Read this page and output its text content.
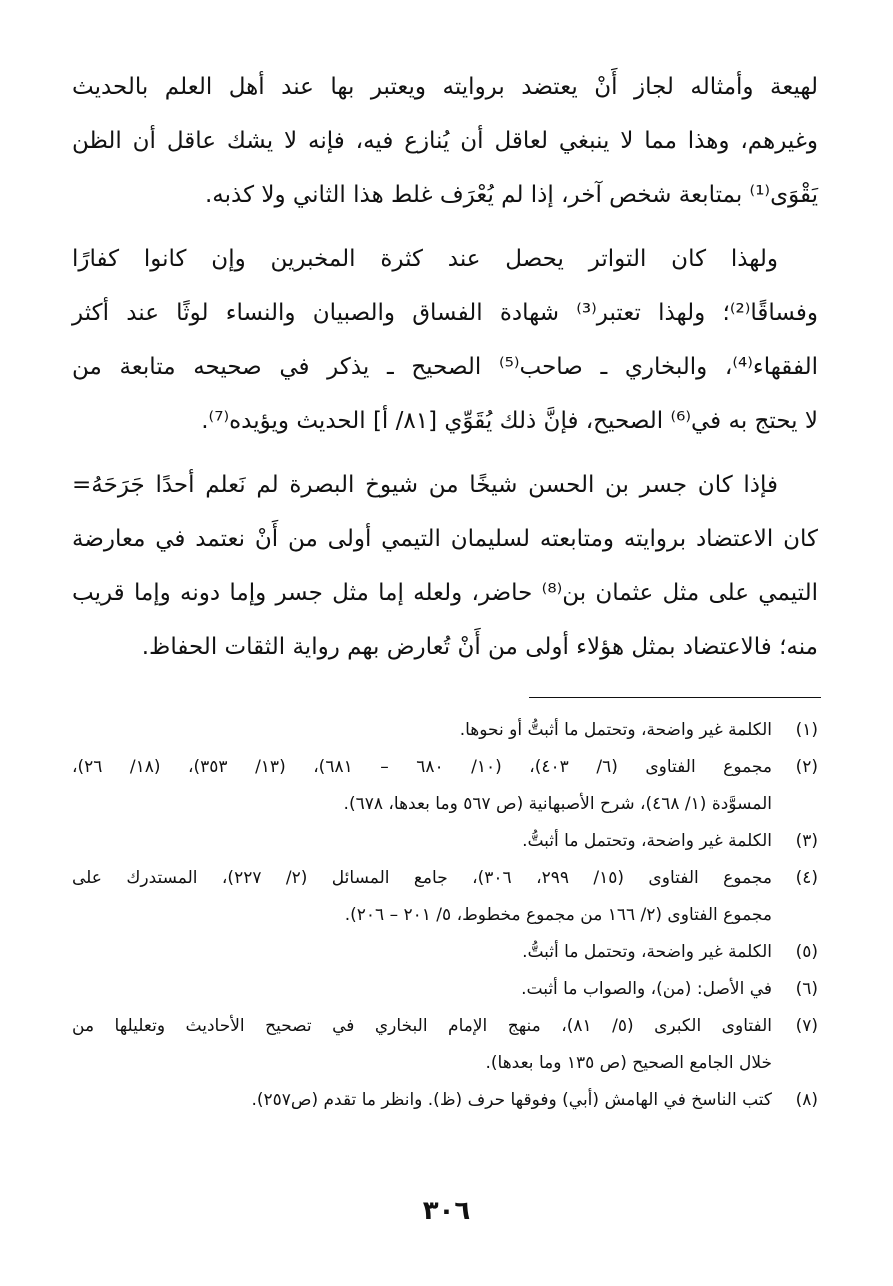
لهيعة وأمثاله لجاز أَنْ يعتضد بروايته ويعتبر بها عند أهل العلم بالحديث
وغيرهم، وهذا مما لا ينبغي لعاقل أن يُنازع فيه، فإنه لا يشك عاقل أن الظن
يَقْوَى⁽¹⁾ بمتابعة شخص آخر، إذا لم يُعْرَف غلط هذا الثاني ولا كذبه.

ولهذا كان التواتر يحصل عند كثرة المخبرين وإن كانوا كفارًا
وفساقًا⁽²⁾؛ ولهذا تعتبر⁽³⁾ شهادة الفساق والصبيان والنساء لوثًا عند أكثر
الفقهاء⁽⁴⁾، والبخاري ـ صاحب⁽⁵⁾ الصحيح ـ يذكر في صحيحه متابعة من
لا يحتج به في⁽⁶⁾ الصحيح، فإنَّ ذلك يُقَوِّي [٨١/ أ] الحديث ويؤيده⁽⁷⁾.

فإذا كان جسر بن الحسن شيخًا من شيوخ البصرة لم نَعلم أحدًا جَرَحَهُ=
كان الاعتضاد بروايته ومتابعته لسليمان التيمي أولى من أَنْ نعتمد في معارضة
التيمي على مثل عثمان بن⁽⁸⁾ حاضر، ولعله إما مثل جسر وإما دونه وإما قريب
منه؛ فالاعتضاد بمثل هؤلاء أولى من أَنْ تُعارض بهم رواية الثقات الحفاظ.

(١)
الكلمة غير واضحة، وتحتمل ما أثبتُّ أو نحوها.
(٢)
مجموع الفتاوى (٦/ ٤٠٣)، (١٠/ ٦٨٠ – ٦٨١)، (١٣/ ٣٥٣)، (١٨/ ٢٦)،
المسوَّدة (١/ ٤٦٨)، شرح الأصبهانية (ص ٥٦٧ وما بعدها، ٦٧٨).
(٣)
الكلمة غير واضحة، وتحتمل ما أثبتُّ.
(٤)
مجموع الفتاوى (١٥/ ٢٩٩، ٣٠٦)، جامع المسائل (٢/ ٢٢٧)، المستدرك على
مجموع الفتاوى (٢/ ١٦٦ من مجموع مخطوط، ٥/ ٢٠١ – ٢٠٦).
(٥)
الكلمة غير واضحة، وتحتمل ما أثبتُّ.
(٦)
في الأصل: (من)، والصواب ما أثبت.
(٧)
الفتاوى الكبرى (٥/ ٨١)، منهج الإمام البخاري في تصحيح الأحاديث وتعليلها من
خلال الجامع الصحيح (ص ١٣٥ وما بعدها).
(٨)
كتب الناسخ في الهامش (أبي) وفوقها حرف (ظ). وانظر ما تقدم (ص٢٥٧).
٣٠٦
